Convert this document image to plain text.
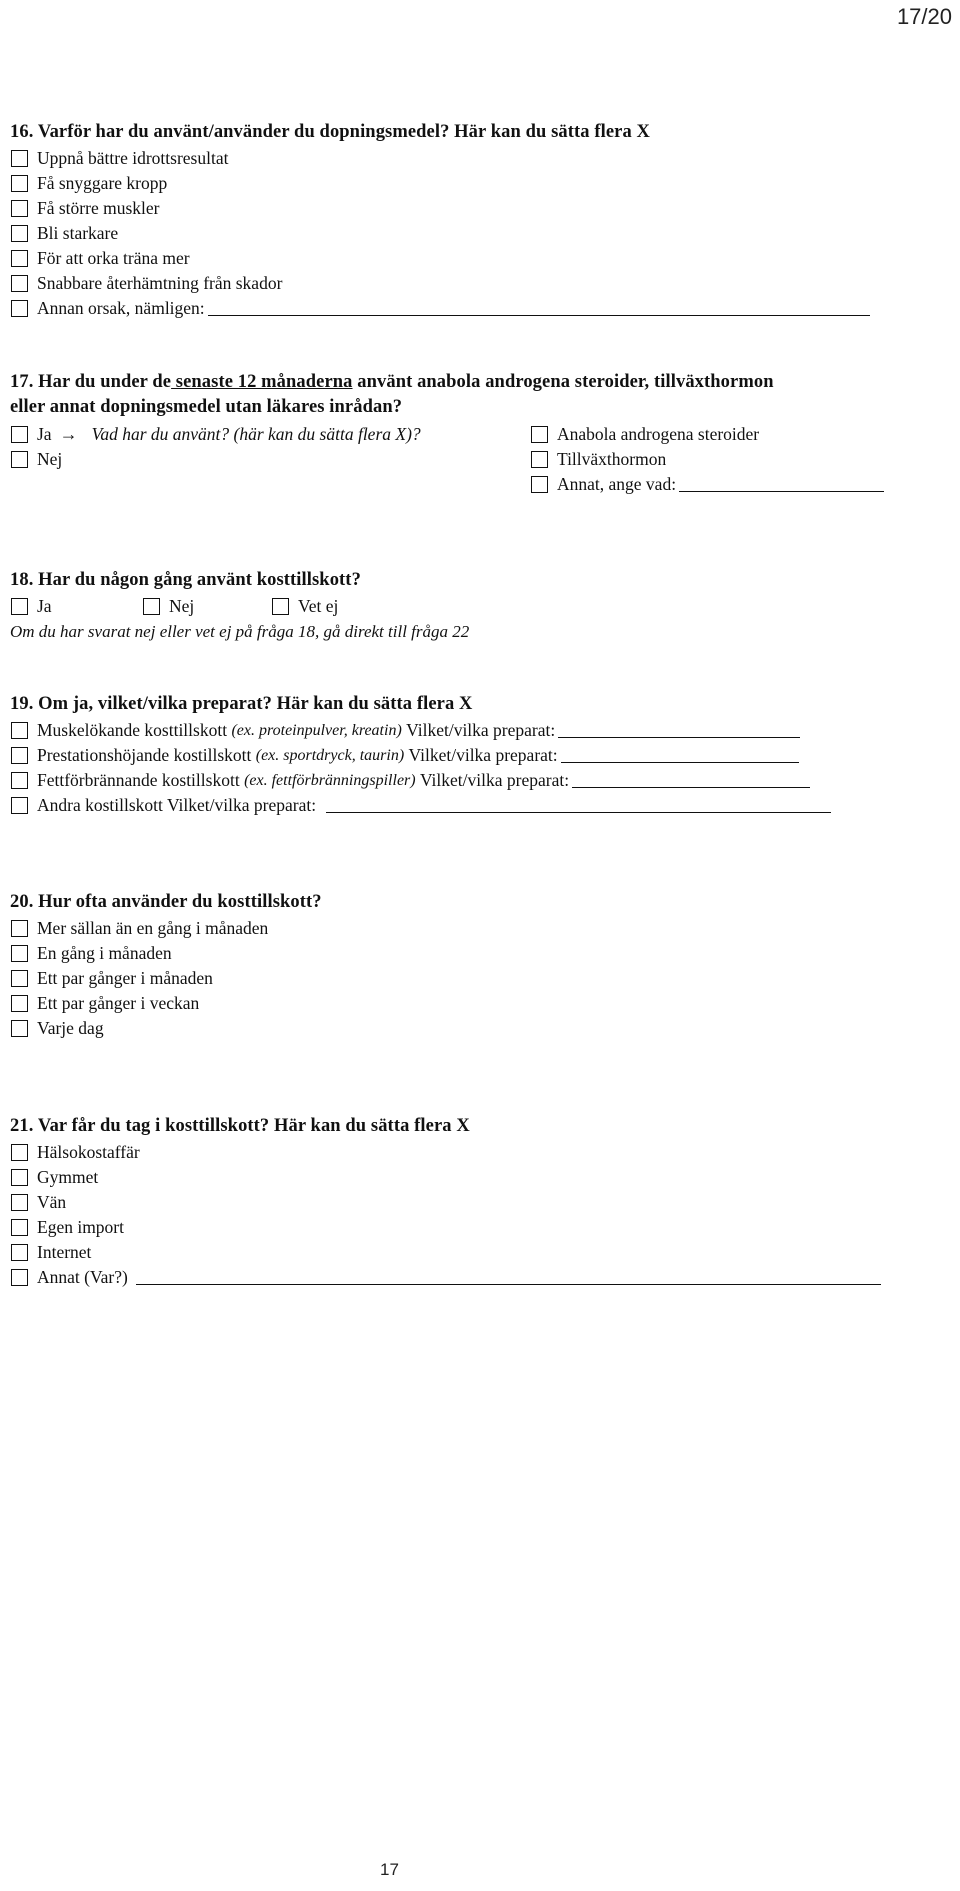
17/20
16. Varför har du använt/använder du dopningsmedel? Här kan du sätta flera X
Uppnå bättre idrottsresultat
Få snyggare kropp
Få större muskler
Bli starkare
För att orka träna mer
Snabbare återhämtning från skador
Annan orsak, nämligen:
17. Har du under de senaste 12 månaderna använt anabola androgena steroider, tillväxthormon
eller annat dopningsmedel utan läkares inrådan?
Ja → Vad har du använt? (här kan du sätta flera X)?
Nej
Anabola androgena steroider
Tillväxthormon
Annat, ange vad:
18. Har du någon gång använt kosttillskott?
Ja	Nej	Vet ej
Om du har svarat nej eller vet ej på fråga 18, gå direkt till fråga 22
19. Om ja, vilket/vilka preparat? Här kan du sätta flera X
Muskelökande kosttillskott
(ex. proteinpulver, kreatin)
Vilket/vilka preparat:
Prestationshöjande kostillskott
(ex. sportdryck, taurin)
Vilket/vilka preparat:
Fettförbrännande kostillskott
(ex. fettförbränningspiller)
Vilket/vilka preparat:
Andra kostillskott Vilket/vilka preparat:
20. Hur ofta använder du kosttillskott?
Mer sällan än en gång i månaden
En gång i månaden
Ett par gånger i månaden
Ett par gånger i veckan
Varje dag
21. Var får du tag i kosttillskott? Här kan du sätta flera X
Hälsokostaffär
Gymmet
Vän
Egen import
Internet
Annat (Var?)
17
